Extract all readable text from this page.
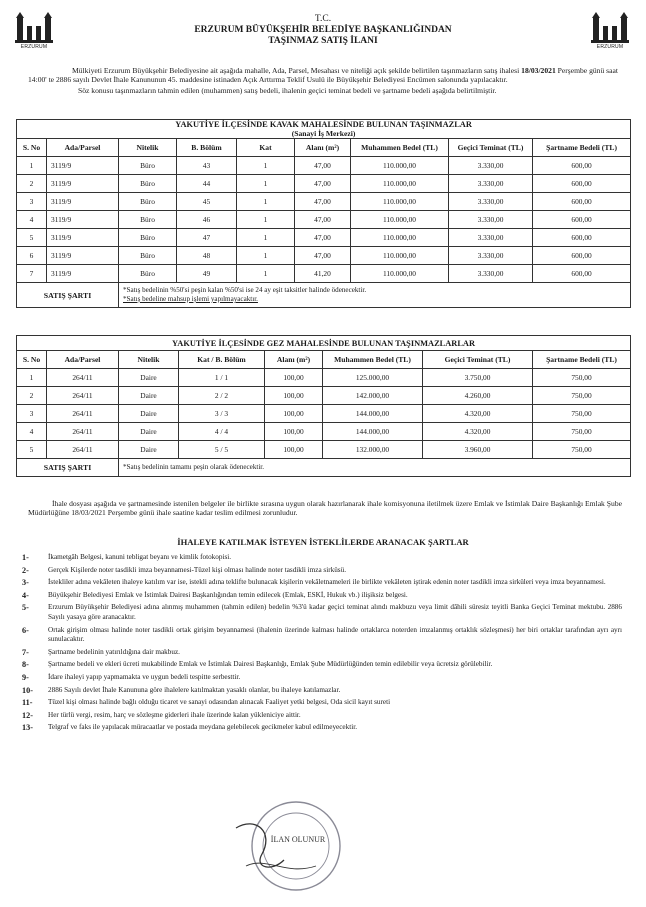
ERZURUM	ERZURUM
T.C.
ERZURUM BÜYÜKŞEHİR BELEDİYE BAŞKANLIĞINDAN
TAŞINMAZ SATIŞ İLANI

Mülkiyeti Erzurum Büyükşehir Belediyesine ait aşağıda mahalle, Ada, Parsel, Mesahası ve niteliği açık şekilde belirtilen taşınmazların satış ihalesi 18/03/2021 Perşembe günü saat 14:00' te 2886 sayılı Devlet İhale Kanununun 45. maddesine istinaden Açık Arttırma Teklif Usulü ile Büyükşehir Belediyesi Encümen salonunda yapılacaktır.

Söz konusu taşınmazların tahmin edilen (muhammen) satış bedeli, ihalenin geçici teminat bedeli ve şartname bedeli aşağıda belirtilmiştir.

YAKUTİYE İLÇESİNDE KAVAK MAHALESİNDE BULUNAN TAŞINMAZLAR
(Sanayi İş Merkezi)								

S. No	Ada/Parsel	Nitelik	B. Bölüm	Kat	Alanı (m²)	Muhammen Bedel (TL)	Geçici Teminat (TL)	Şartname Bedeli (TL)
1	3119/9	Büro	43	1	47,00	110.000,00	3.330,00	600,00
2	3119/9	Büro	44	1	47,00	110.000,00	3.330,00	600,00
3	3119/9	Büro	45	1	47,00	110.000,00	3.330,00	600,00
4	3119/9	Büro	46	1	47,00	110.000,00	3.330,00	600,00
5	3119/9	Büro	47	1	47,00	110.000,00	3.330,00	600,00
6	3119/9	Büro	48	1	47,00	110.000,00	3.330,00	600,00
7	3119/9	Büro	49	1	41,20	110.000,00	3.330,00	600,00
SATIŞ ŞARTI		*Satış bedelinin %50'si peşin kalan %50'si ise 24 ay eşit taksitler halinde ödenecektir.
*Satış bedeline mahsup işlemi yapılmayacaktır.						
YAKUTİYE İLÇESİNDE GEZ MAHALESİNDE BULUNAN TAŞINMAZLARLAR							
S. No	Ada/Parsel	Nitelik	Kat / B. Bölüm	Alanı (m²)	Muhammen Bedel (TL)	Geçici Teminat (TL)	Şartname Bedeli (TL)
1	264/11	Daire	1 / 1	100,00	125.000,00	3.750,00	750,00
2	264/11	Daire	2 / 2	100,00	142.000,00	4.260,00	750,00
3	264/11	Daire	3 / 3	100,00	144.000,00	4.320,00	750,00
4	264/11	Daire	4 / 4	100,00	144.000,00	4.320,00	750,00
5	264/11	Daire	5 / 5	100,00	132.000,00	3.960,00	750,00
SATIŞ ŞARTI		*Satış bedelinin tamamı peşin olarak ödenecektir.					

İhale dosyası aşağıda ve şartnamesinde istenilen belgeler ile birlikte sırasına uygun olarak hazırlanarak ihale komisyonuna iletilmek üzere Emlak ve İstimlak Daire Başkanlığı Emlak Şube Müdürlüğüne 18/03/2021 Perşembe günü ihale saatine kadar teslim edilmesi zorunludur.

İHALEYE KATILMAK İSTEYEN İSTEKLİLERDE ARANACAK ŞARTLAR
1-	İkametgâh Belgesi, kanuni tebligat beyanı ve kimlik fotokopisi.
2-	Gerçek Kişilerde noter tasdikli imza beyannamesi-Tüzel kişi olması halinde noter tasdikli imza sirküsü.
3-	İstekliler adına vekâleten ihaleye katılım var ise, istekli adına teklifte bulunacak kişilerin vekâletnameleri ile birlikte vekâleten iştirak edenin noter tasdikli imza sirküleri veya imza beyannamesi.
4-	Büyükşehir Belediyesi Emlak ve İstimlak Dairesi Başkanlığından temin edilecek (Emlak, ESKİ, Hukuk vb.) ilişiksiz belgesi.
5-	Erzurum Büyükşehir Belediyesi adına alınmış muhammen (tahmin edilen) bedelin %3'ü kadar geçici teminat alındı makbuzu veya limit dâhili süresiz teyitli Banka Geçici Teminat mektubu. 2886 Sayılı yasaya göre aranacaktır.
6-	Ortak girişim olması halinde noter tasdikli ortak girişim beyannamesi (ihalenin üzerinde kalması halinde ortaklarca noterden imzalanmış ortaklık sözleşmesi) her biri ortaklar tarafından ayrı ayrı sunulacaktır.
7-	Şartname bedelinin yatırıldığına dair makbuz.
8-	Şartname bedeli ve ekleri ücreti mukabilinde Emlak ve İstimlak Dairesi Başkanlığı, Emlak Şube Müdürlüğünden temin edilebilir veya ücretsiz görülebilir.
9-	İdare ihaleyi yapıp yapmamakta ve uygun bedeli tespitte serbesttir.
10-	2886 Sayılı devlet İhale Kanununa göre ihalelere katılmaktan yasaklı olanlar, bu ihaleye katılamazlar.
11-	Tüzel kişi olması halinde bağlı olduğu ticaret ve sanayi odasından alınacak Faaliyet yetki belgesi, Oda sicil kayıt sureti
12-	Her türlü vergi, resim, harç ve sözleşme giderleri ihale üzerinde kalan yükleniciye aittir.
13-	Telgraf ve faks ile yapılacak müracaatlar ve postada meydana gelebilecek gecikmeler kabul edilmeyecektir.
İLAN OLUNUR
